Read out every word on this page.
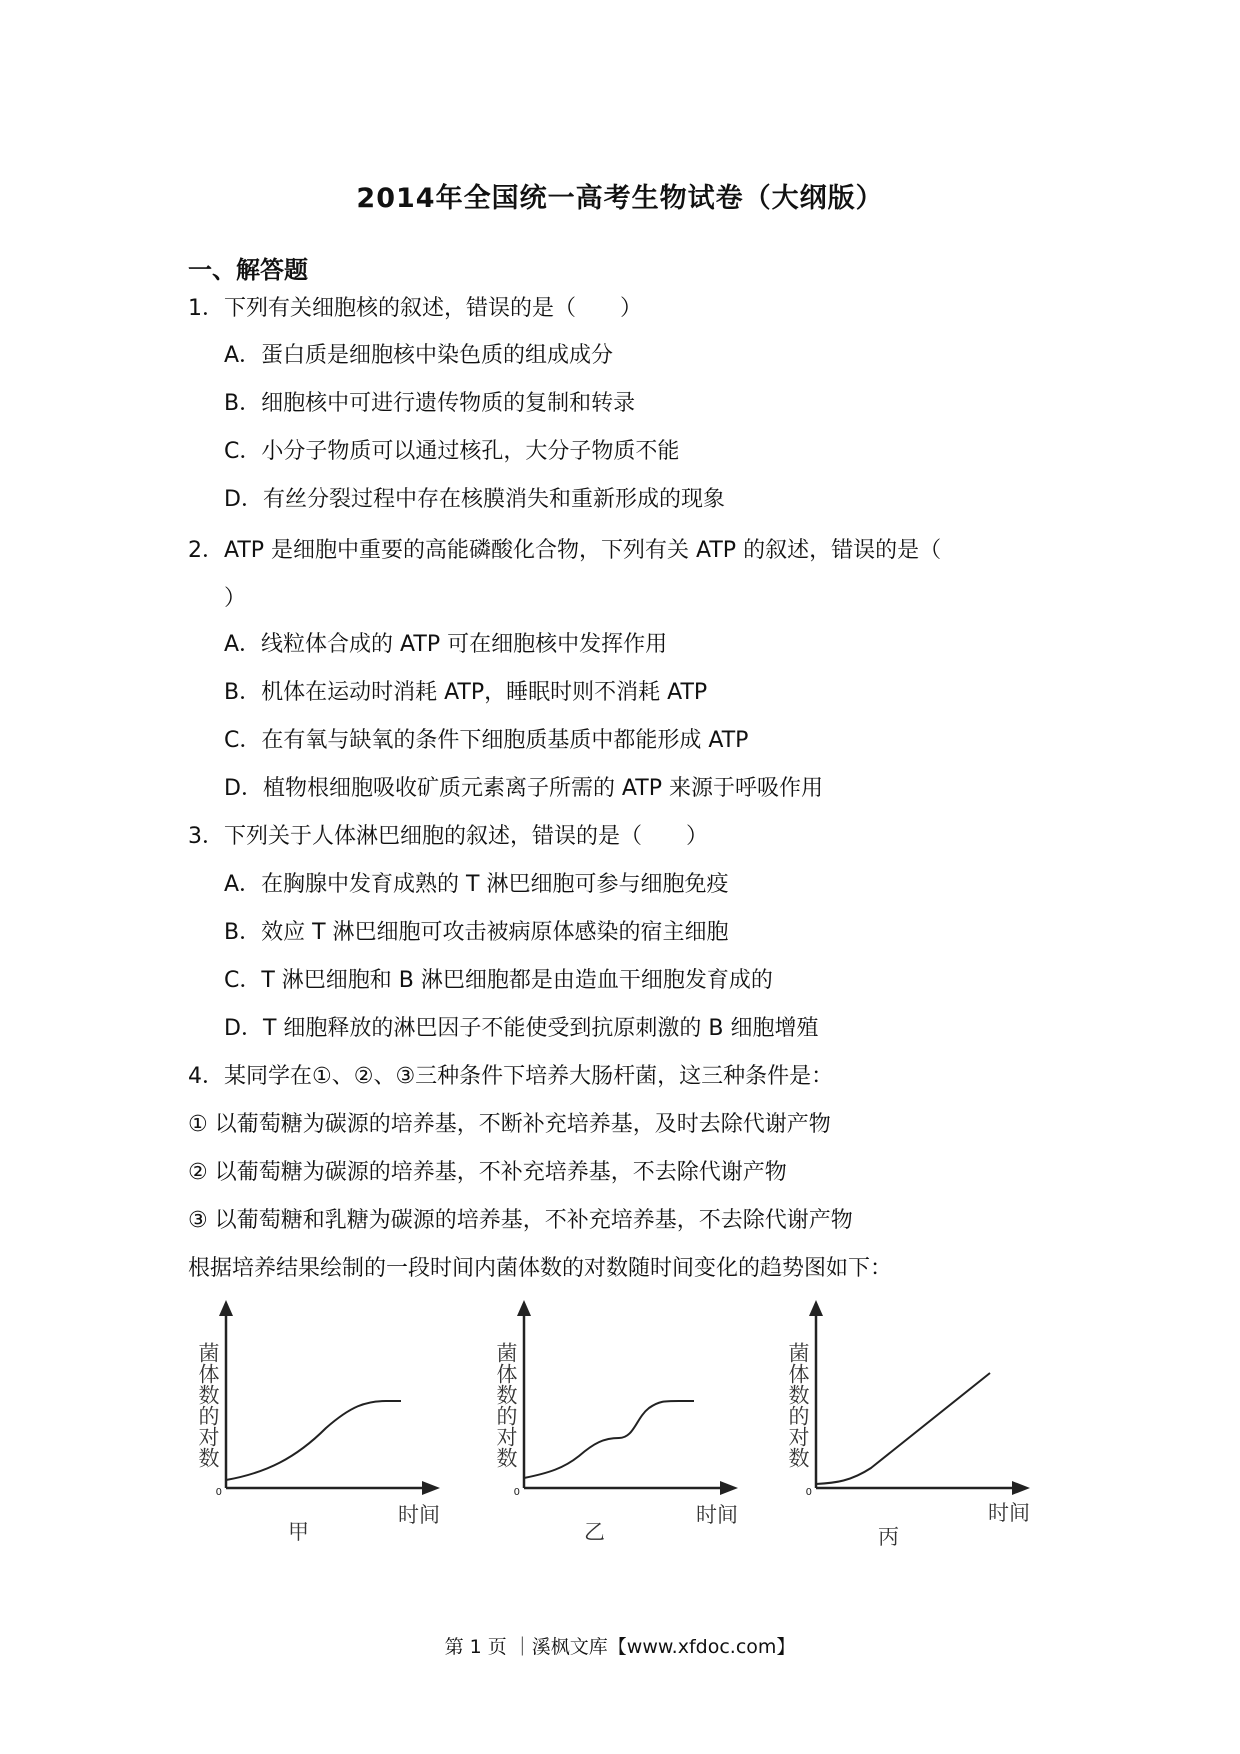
2014年全国统一高考生物试卷（大纲版）
一、解答题
1．下列有关细胞核的叙述，错误的是（　　）
A．蛋白质是细胞核中染色质的组成成分
B．细胞核中可进行遗传物质的复制和转录
C．小分子物质可以通过核孔，大分子物质不能
D．有丝分裂过程中存在核膜消失和重新形成的现象
2．ATP 是细胞中重要的高能磷酸化合物，下列有关 ATP 的叙述，错误的是（
）
A．线粒体合成的 ATP 可在细胞核中发挥作用
B．机体在运动时消耗 ATP，睡眠时则不消耗 ATP
C．在有氧与缺氧的条件下细胞质基质中都能形成 ATP
D．植物根细胞吸收矿质元素离子所需的 ATP 来源于呼吸作用
3．下列关于人体淋巴细胞的叙述，错误的是（　　）
A．在胸腺中发育成熟的 T 淋巴细胞可参与细胞免疫
B．效应 T 淋巴细胞可攻击被病原体感染的宿主细胞
C．T 淋巴细胞和 B 淋巴细胞都是由造血干细胞发育成的
D．T 细胞释放的淋巴因子不能使受到抗原刺激的 B 细胞增殖
4．某同学在①、②、③三种条件下培养大肠杆菌，这三种条件是：
① 以葡萄糖为碳源的培养基，不断补充培养基，及时去除代谢产物
② 以葡萄糖为碳源的培养基，不补充培养基，不去除代谢产物
③ 以葡萄糖和乳糖为碳源的培养基，不补充培养基，不去除代谢产物
根据培养结果绘制的一段时间内菌体数的对数随时间变化的趋势图如下：
0
菌体数的对数
时间
甲
0
菌体数的对数
时间
乙
0
菌体数的对数
时间
丙
第 1 页 ｜溪枫文库【www.xfdoc.com】
